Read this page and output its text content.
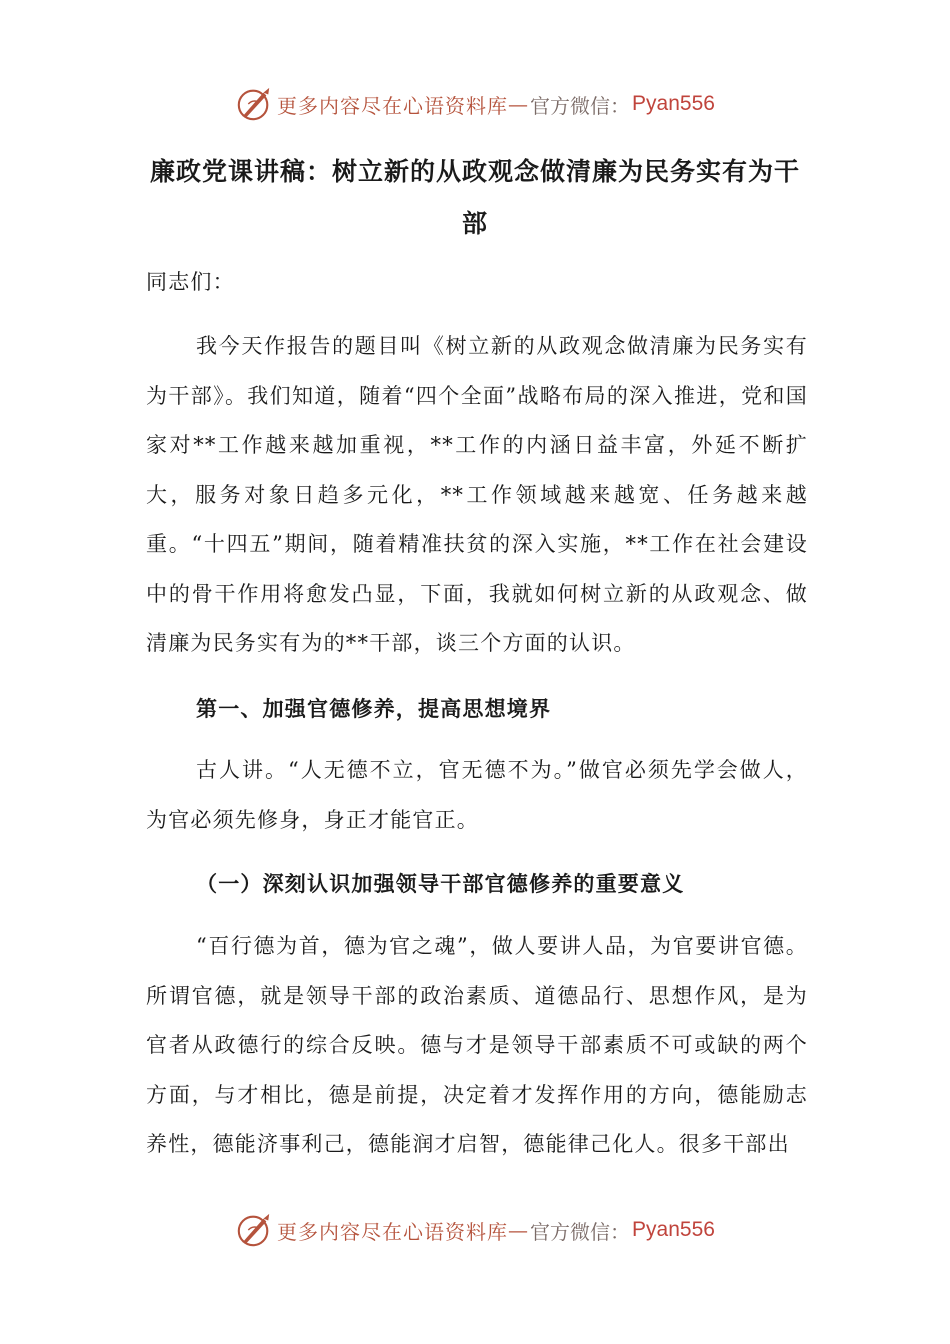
更多内容尽在心语资料库 — 官方微信： Pyan556
廉政党课讲稿：树立新的从政观念做清廉为民务实有为干部
同志们：
我今天作报告的题目叫《树立新的从政观念做清廉为民务实有为干部》。我们知道，随着“四个全面”战略布局的深入推进，党和国家对**工作越来越加重视，**工作的内涵日益丰富，外延不断扩大，服务对象日趋多元化，**工作领域越来越宽、任务越来越重。“十四五”期间，随着精准扶贫的深入实施，**工作在社会建设中的骨干作用将愈发凸显，下面，我就如何树立新的从政观念、做清廉为民务实有为的**干部，谈三个方面的认识。
第一、加强官德修养，提高思想境界
古人讲。“人无德不立，官无德不为。”做官必须先学会做人，为官必须先修身，身正才能官正。
（一）深刻认识加强领导干部官德修养的重要意义
“百行德为首，德为官之魂”，做人要讲人品，为官要讲官德。所谓官德，就是领导干部的政治素质、道德品行、思想作风，是为官者从政德行的综合反映。德与才是领导干部素质不可或缺的两个方面，与才相比，德是前提，决定着才发挥作用的方向，德能励志养性，德能济事利己，德能润才启智，德能律己化人。很多干部出
更多内容尽在心语资料库 — 官方微信： Pyan556
